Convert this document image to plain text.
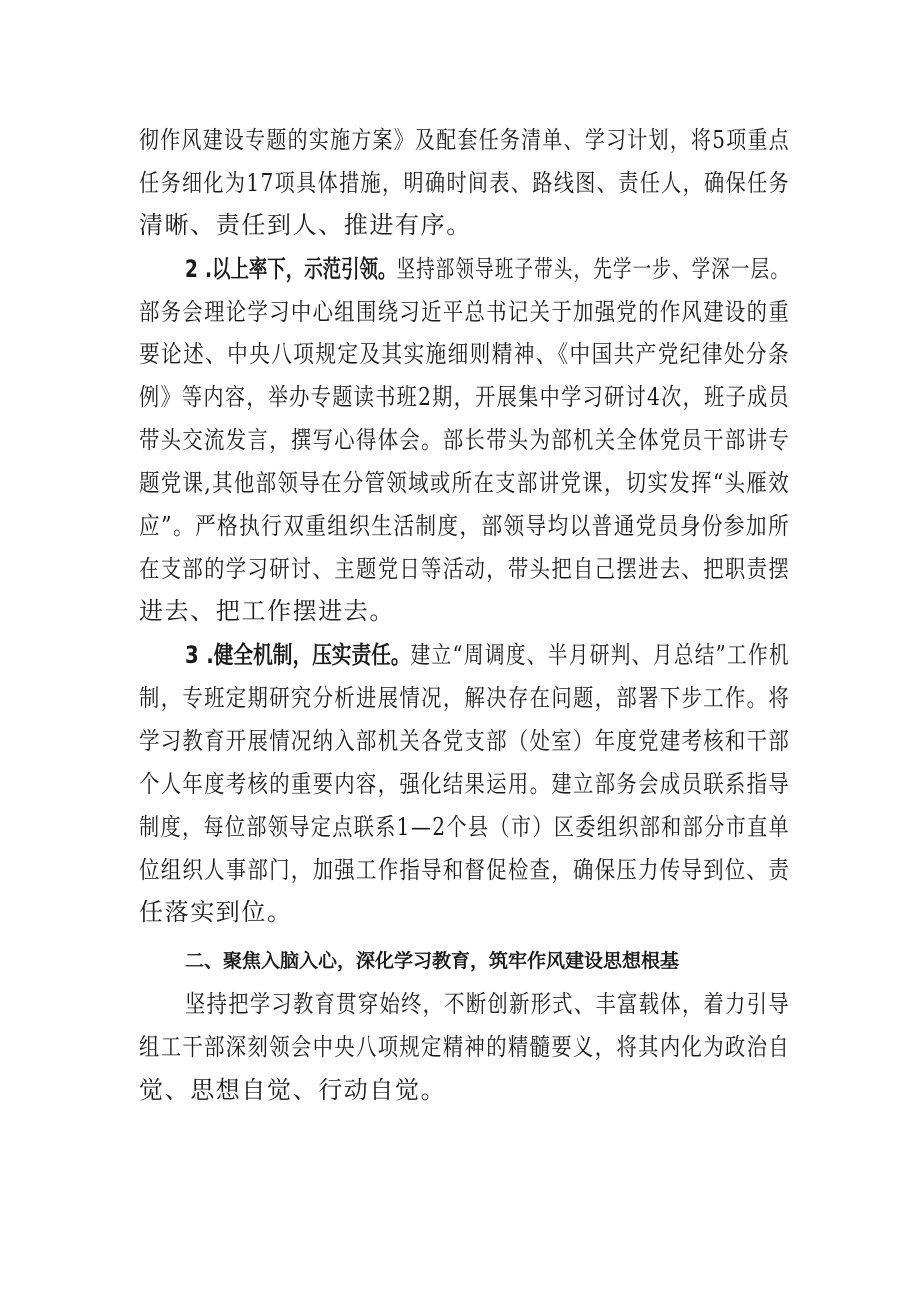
彻作风建设专题的实施方案》及配套任务清单、学习计划，将5项重点
任务细化为17项具体措施，明确时间表、路线图、责任人，确保任务
清晰、责任到人、推进有序。
2 .以上率下，示范引领。坚持部领导班子带头，先学一步、学深一层。
部务会理论学习中心组围绕习近平总书记关于加强党的作风建设的重
要论述、中央八项规定及其实施细则精神、《中国共产党纪律处分条
例》等内容，举办专题读书班2期，开展集中学习研讨4次，班子成员
带头交流发言，撰写心得体会。部长带头为部机关全体党员干部讲专
题党课,其他部领导在分管领域或所在支部讲党课，切实发挥“头雁效
应”。严格执行双重组织生活制度，部领导均以普通党员身份参加所
在支部的学习研讨、主题党日等活动，带头把自己摆进去、把职责摆
进去、把工作摆进去。
3 .健全机制，压实责任。建立“周调度、半月研判、月总结”工作机
制，专班定期研究分析进展情况，解决存在问题，部署下步工作。将
学习教育开展情况纳入部机关各党支部（处室）年度党建考核和干部
个人年度考核的重要内容，强化结果运用。建立部务会成员联系指导
制度，每位部领导定点联系1—2个县（市）区委组织部和部分市直单
位组织人事部门，加强工作指导和督促检查，确保压力传导到位、责
任落实到位。
二、聚焦入脑入心，深化学习教育，筑牢作风建设思想根基
坚持把学习教育贯穿始终，不断创新形式、丰富载体，着力引导
组工干部深刻领会中央八项规定精神的精髓要义，将其内化为政治自
觉、思想自觉、行动自觉。
